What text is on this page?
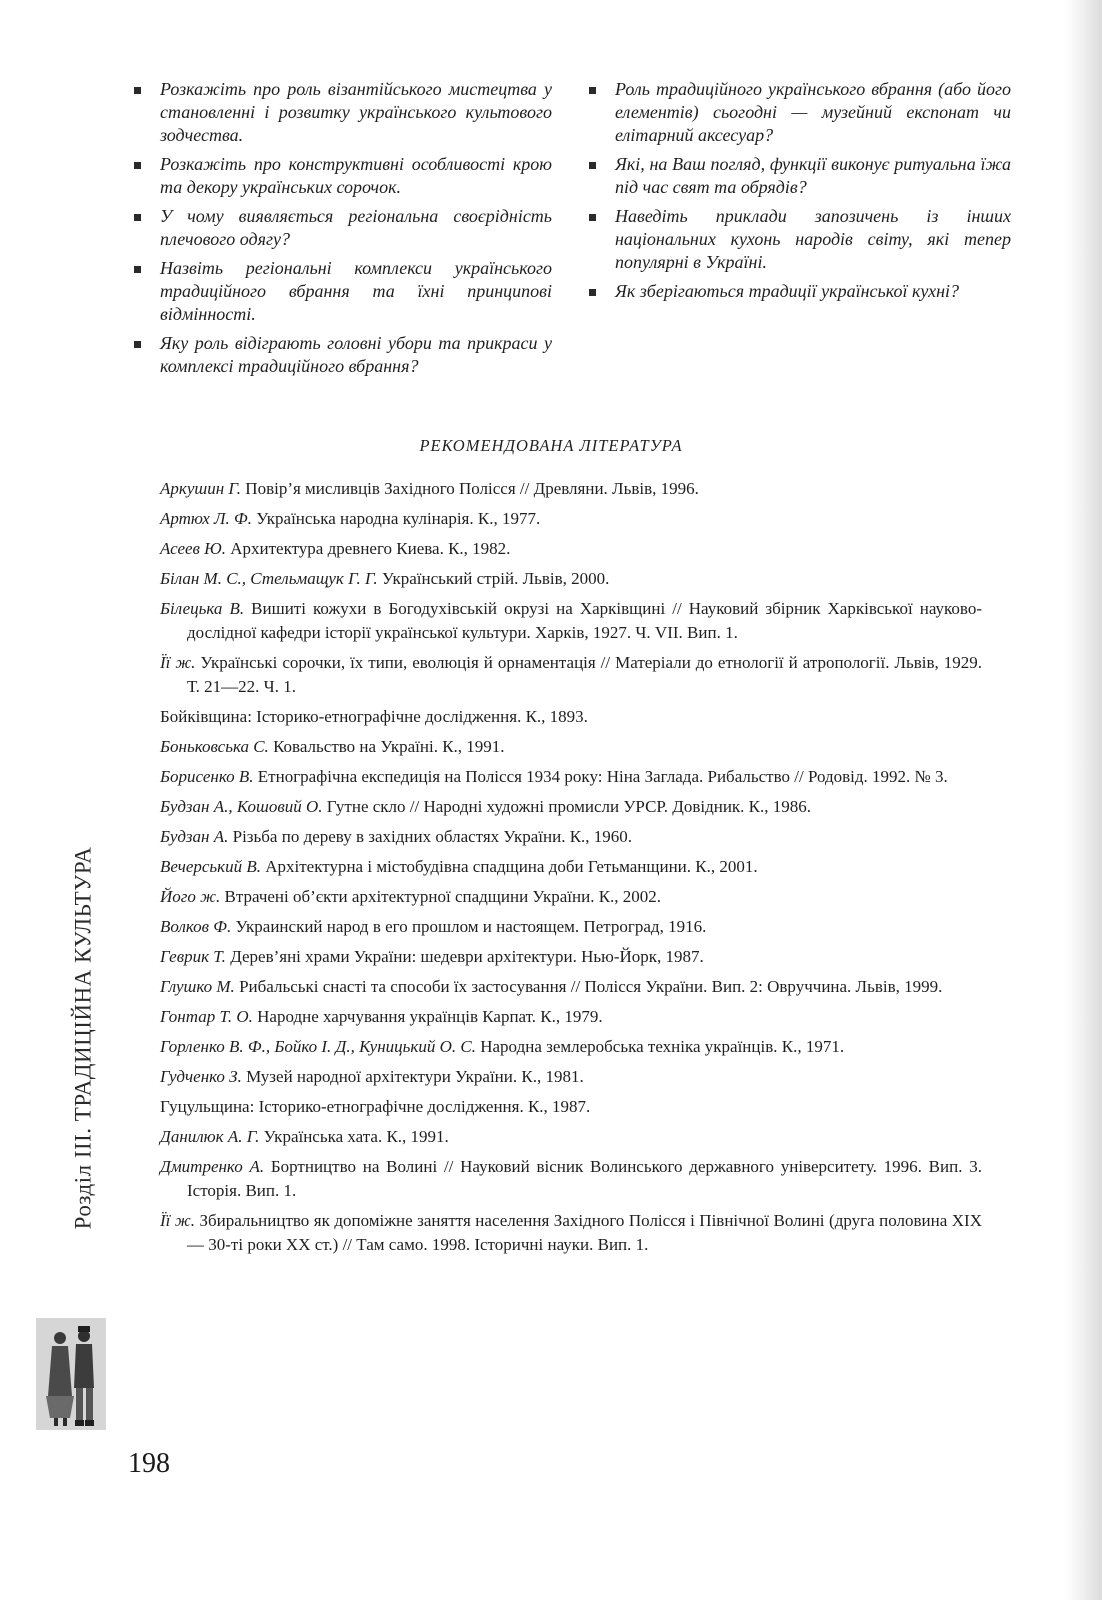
Розкажіть про роль візантійського мистецтва у становленні і розвитку українського культового зодчества.
Розкажіть про конструктивні особливості крою та декору українських сорочок.
У чому виявляється регіональна своєрідність плечового одягу?
Назвіть регіональні комплекси українського традиційного вбрання та їхні принципові відмінності.
Яку роль відіграють головні убори та прикраси у комплексі традиційного вбрання?
Роль традиційного українського вбрання (або його елементів) сьогодні — музейний експонат чи елітарний аксесуар?
Які, на Ваш погляд, функції виконує ритуальна їжа під час свят та обрядів?
Наведіть приклади запозичень із інших національних кухонь народів світу, які тепер популярні в Україні.
Як зберігаються традиції української кухні?
РЕКОМЕНДОВАНА ЛІТЕРАТУРА
Аркушин Г. Повір’я мисливців Західного Полісся // Древляни. Львів, 1996.
Артюх Л. Ф. Українська народна кулінарія. К., 1977.
Асеев Ю. Архитектура древнего Киева. К., 1982.
Білан М. С., Стельмащук Г. Г. Український стрій. Львів, 2000.
Білецька В. Вишиті кожухи в Богодухівській окрузі на Харківщині // Науковий збірник Харківської науково-дослідної кафедри історії української культури. Харків, 1927. Ч. VII. Вип. 1.
Її ж. Українські сорочки, їх типи, еволюція й орнаментація // Матеріали до етнології й атропології. Львів, 1929. Т. 21—22. Ч. 1.
Бойківщина: Історико-етнографічне дослідження. К., 1893.
Боньковська С. Ковальство на Україні. К., 1991.
Борисенко В. Етнографічна експедиція на Полісся 1934 року: Ніна Заглада. Рибальство // Родовід. 1992. № 3.
Будзан А., Кошовий О. Гутне скло // Народні художні промисли УРСР. Довідник. К., 1986.
Будзан А. Різьба по дереву в західних областях України. К., 1960.
Вечерський В. Архітектурна і містобудівна спадщина доби Гетьманщини. К., 2001.
Його ж. Втрачені об’єкти архітектурної спадщини України. К., 2002.
Волков Ф. Украинский народ в его прошлом и настоящем. Петроград, 1916.
Геврик Т. Дерев’яні храми України: шедеври архітектури. Нью-Йорк, 1987.
Глушко М. Рибальські снасті та способи їх застосування // Полісся України. Вип. 2: Овруччина. Львів, 1999.
Гонтар Т. О. Народне харчування українців Карпат. К., 1979.
Горленко В. Ф., Бойко І. Д., Куницький О. С. Народна землеробська техніка українців. К., 1971.
Гудченко З. Музей народної архітектури України. К., 1981.
Гуцульщина: Історико-етнографічне дослідження. К., 1987.
Данилюк А. Г. Українська хата. К., 1991.
Дмитренко А. Бортництво на Волині // Науковий вісник Волинського державного університету. 1996. Вип. 3. Історія. Вип. 1.
Її ж. Збиральництво як допоміжне заняття населення Західного Полісся і Північної Волині (друга половина XIX — 30-ті роки XX ст.) // Там само. 1998. Історичні науки. Вип. 1.
Розділ III. ТРАДИЦІЙНА КУЛЬТУРА
198
